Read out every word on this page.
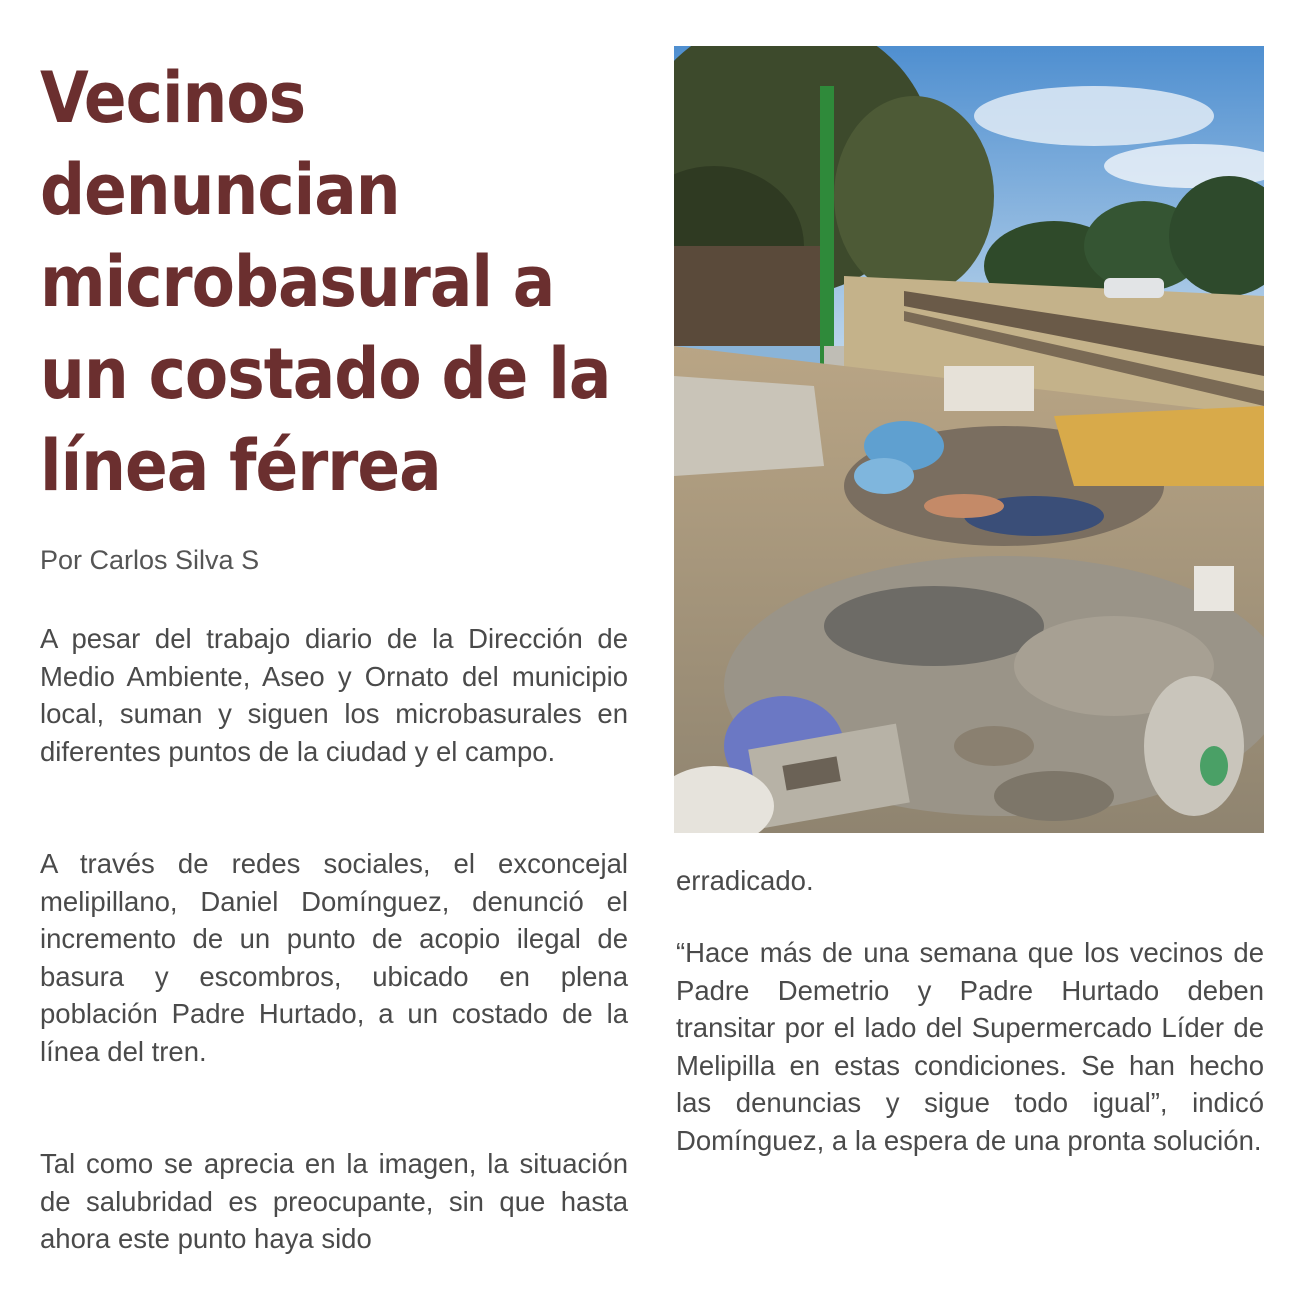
Vecinos denuncian microbasural a un costado de la línea férrea
Por Carlos Silva S

A pesar del trabajo diario de la Dirección de Medio Ambiente, Aseo y Ornato del municipio local, suman y siguen los microbasurales en diferentes puntos de la ciudad y el campo.

A través de redes sociales, el exconcejal melipillano, Daniel Domínguez, denunció el incremento de un punto de acopio ilegal de basura y escombros, ubicado en plena población Padre Hurtado, a un costado de la línea del tren.

Tal como se aprecia en la imagen, la situación de salubridad es preocupante, sin que hasta ahora este punto haya sido

erradicado.

“Hace más de una semana que los vecinos de Padre Demetrio y Padre Hurtado deben transitar por el lado del Supermercado Líder de Melipilla en estas condiciones. Se han hecho las denuncias y sigue todo igual”, indicó Domínguez, a la espera de una pronta solución.
